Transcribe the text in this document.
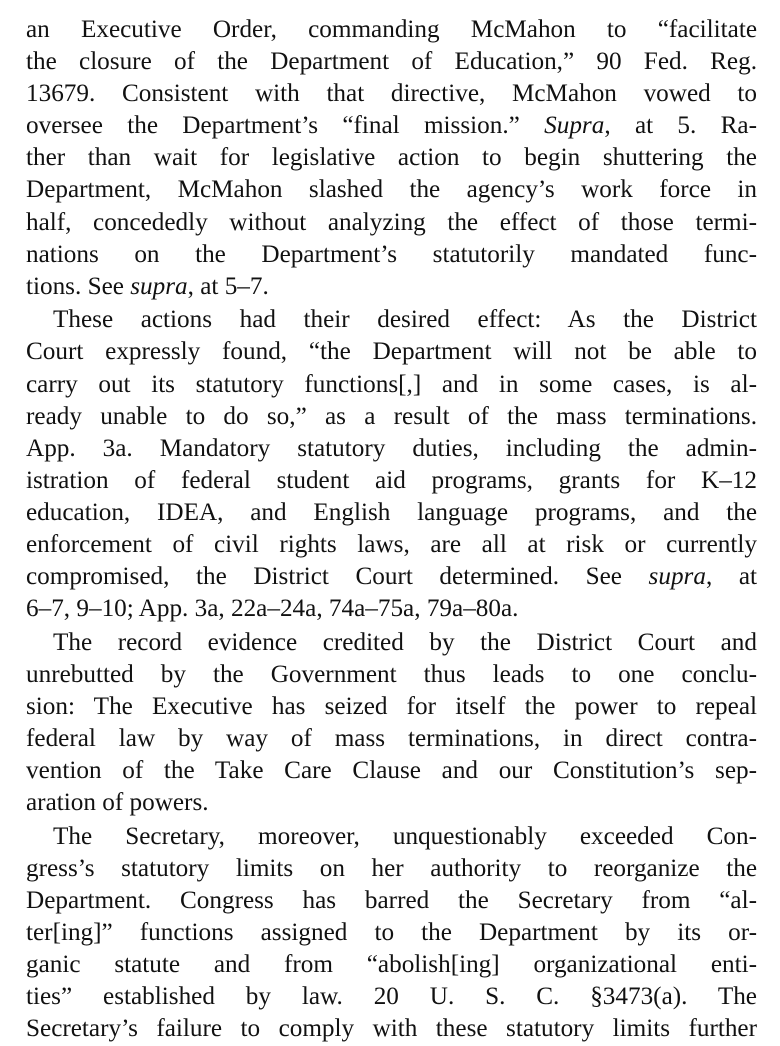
an Executive Order, commanding McMahon to “facilitate
the closure of the Department of Education,” 90 Fed. Reg.
13679. Consistent with that directive, McMahon vowed to
oversee the Department’s “final mission.” Supra, at 5. Ra-
ther than wait for legislative action to begin shuttering the
Department, McMahon slashed the agency’s work force in
half, concededly without analyzing the effect of those termi-
nations on the Department’s statutorily mandated func-
tions. See supra, at 5–7.
These actions had their desired effect: As the District
Court expressly found, “the Department will not be able to
carry out its statutory functions[,] and in some cases, is al-
ready unable to do so,” as a result of the mass terminations.
App. 3a. Mandatory statutory duties, including the admin-
istration of federal student aid programs, grants for K–12
education, IDEA, and English language programs, and the
enforcement of civil rights laws, are all at risk or currently
compromised, the District Court determined. See supra, at
6–7, 9–10; App. 3a, 22a–24a, 74a–75a, 79a–80a.
The record evidence credited by the District Court and
unrebutted by the Government thus leads to one conclu-
sion: The Executive has seized for itself the power to repeal
federal law by way of mass terminations, in direct contra-
vention of the Take Care Clause and our Constitution’s sep-
aration of powers.
The Secretary, moreover, unquestionably exceeded Con-
gress’s statutory limits on her authority to reorganize the
Department. Congress has barred the Secretary from “al-
ter[ing]” functions assigned to the Department by its or-
ganic statute and from “abolish[ing] organizational enti-
ties” established by law. 20 U. S. C. §3473(a). The
Secretary’s failure to comply with these statutory limits further
